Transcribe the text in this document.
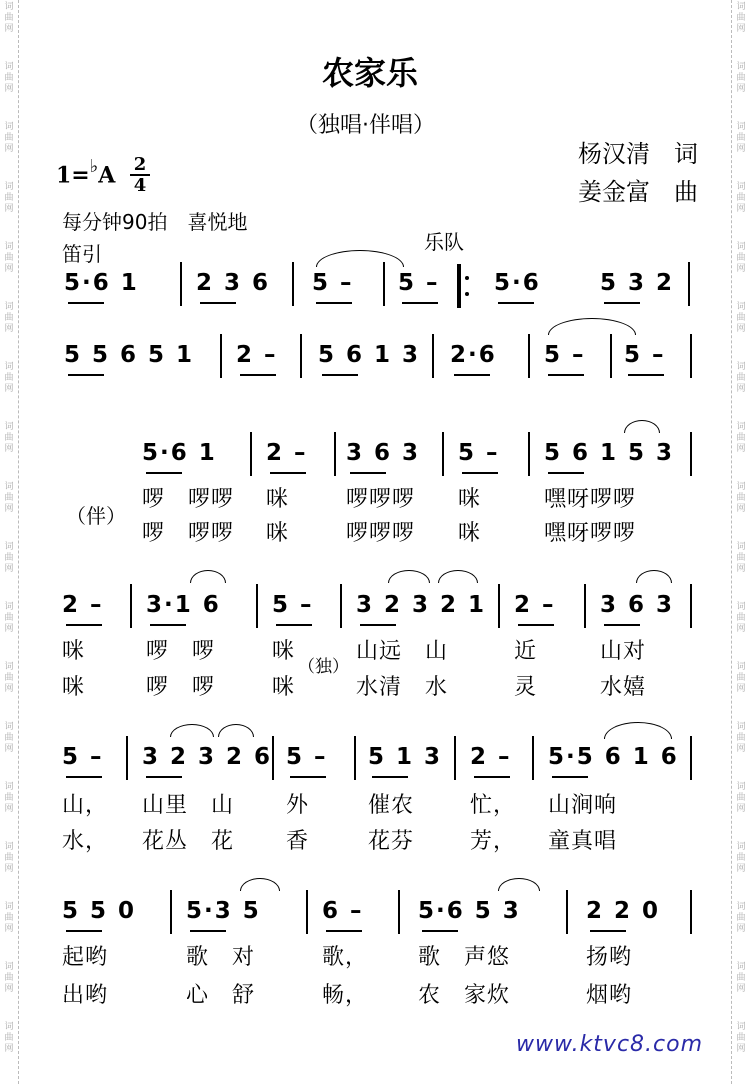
词曲网
词曲网
词曲网
词曲网
词曲网
词曲网
词曲网
词曲网
词曲网
词曲网
词曲网
词曲网
词曲网
词曲网
词曲网
词曲网
词曲网
词曲网
词曲网
词曲网
词曲网
词曲网
词曲网
词曲网
词曲网
词曲网
词曲网
词曲网
词曲网
词曲网
词曲网
词曲网
词曲网
词曲网
词曲网
词曲网
农家乐
（独唱·伴唱）
杨汉清　词
姜金富　曲
1=♭A 2
4
每分钟90拍　喜悦地
笛引	乐队
5·6 1 2 3 6 5 – 5 – 5·6	5 3 2
5 5 6 5 1 2 – 5 6 1 3 2·6 5 – 5 –
5·6 1
啰　啰啰
啰　啰啰
2 –
咪
咪
3 6 3
啰啰啰
啰啰啰
5 –
咪
咪
5 6 1 5 3
嘿呀啰啰
嘿呀啰啰
2 –
咪
咪
3·1 6
啰　啰
啰　啰
5 –
咪
咪
3 2 3 2 1
山远　山
水清　水
2 –
近
灵
3 6 3
山对
水嬉
5 –
山，
水，
3 2 3 2 6
山里　山
花丛　花
5 –
外
香
5 1 3
催农
花芬
2 –
忙，
芳，
5·5 6 1 6
山涧响
童真唱
5 5 0
起哟
出哟
5·3 5
歌　对
心　舒
6 –
歌，
畅，
5·6 5 3
歌　声悠
农　家炊
2 2 0
扬哟
烟哟
（伴）
（独）
www.ktvc8.com
